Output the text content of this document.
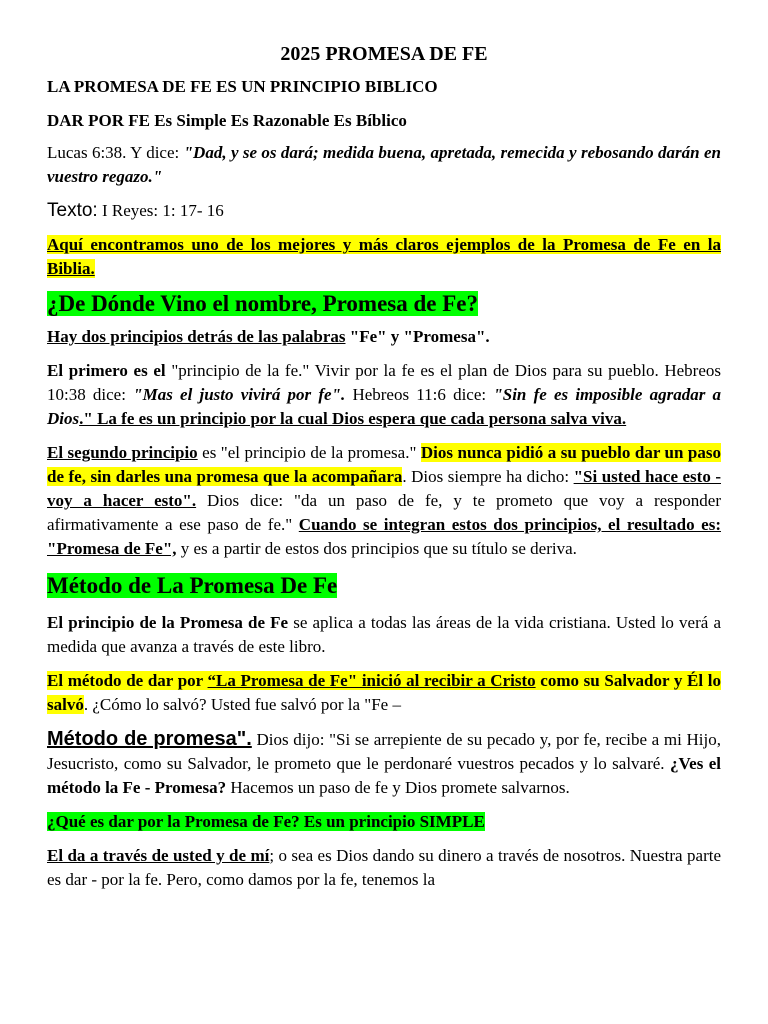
2025 PROMESA DE FE

LA PROMESA DE FE ES UN PRINCIPIO BIBLICO

DAR POR FE Es Simple Es Razonable Es Bíblico

Lucas 6:38. Y dice: "Dad, y se os dará; medida buena, apretada, remecida y rebosando darán en vuestro regazo."

Texto: I Reyes: 1: 17- 16

Aquí encontramos uno de los mejores y más claros ejemplos de la Promesa de Fe en la Biblia.

¿De Dónde Vino el nombre, Promesa de Fe?

Hay dos principios detrás de las palabras "Fe" y "Promesa".

El primero es el "principio de la fe." Vivir por la fe es el plan de Dios para su pueblo. Hebreos 10:38 dice: "Mas el justo vivirá por fe". Hebreos 11:6 dice: "Sin fe es imposible agradar a Dios." La fe es un principio por la cual Dios espera que cada persona salva viva.

El segundo principio es "el principio de la promesa." Dios nunca pidió a su pueblo dar un paso de fe, sin darles una promesa que la acompañara. Dios siempre ha dicho: "Si usted hace esto - voy a hacer esto". Dios dice: "da un paso de fe, y te prometo que voy a responder afirmativamente a ese paso de fe." Cuando se integran estos dos principios, el resultado es: "Promesa de Fe", y es a partir de estos dos principios que su título se deriva.

Método de La Promesa De Fe

El principio de la Promesa de Fe se aplica a todas las áreas de la vida cristiana. Usted lo verá a medida que avanza a través de este libro.

El método de dar por “La Promesa de Fe" inició al recibir a Cristo como su Salvador y Él lo salvó. ¿Cómo lo salvó? Usted fue salvó por la "Fe –

Método de promesa". Dios dijo: "Si se arrepiente de su pecado y, por fe, recibe a mi Hijo, Jesucristo, como su Salvador, le prometo que le perdonaré vuestros pecados y lo salvaré. ¿Ves el método la Fe - Promesa? Hacemos un paso de fe y Dios promete salvarnos.

¿Qué es dar por la Promesa de Fe? Es un principio SIMPLE

El da a través de usted y de mí; o sea es Dios dando su dinero a través de nosotros. Nuestra parte es dar - por la fe. Pero, como damos por la fe, tenemos la
